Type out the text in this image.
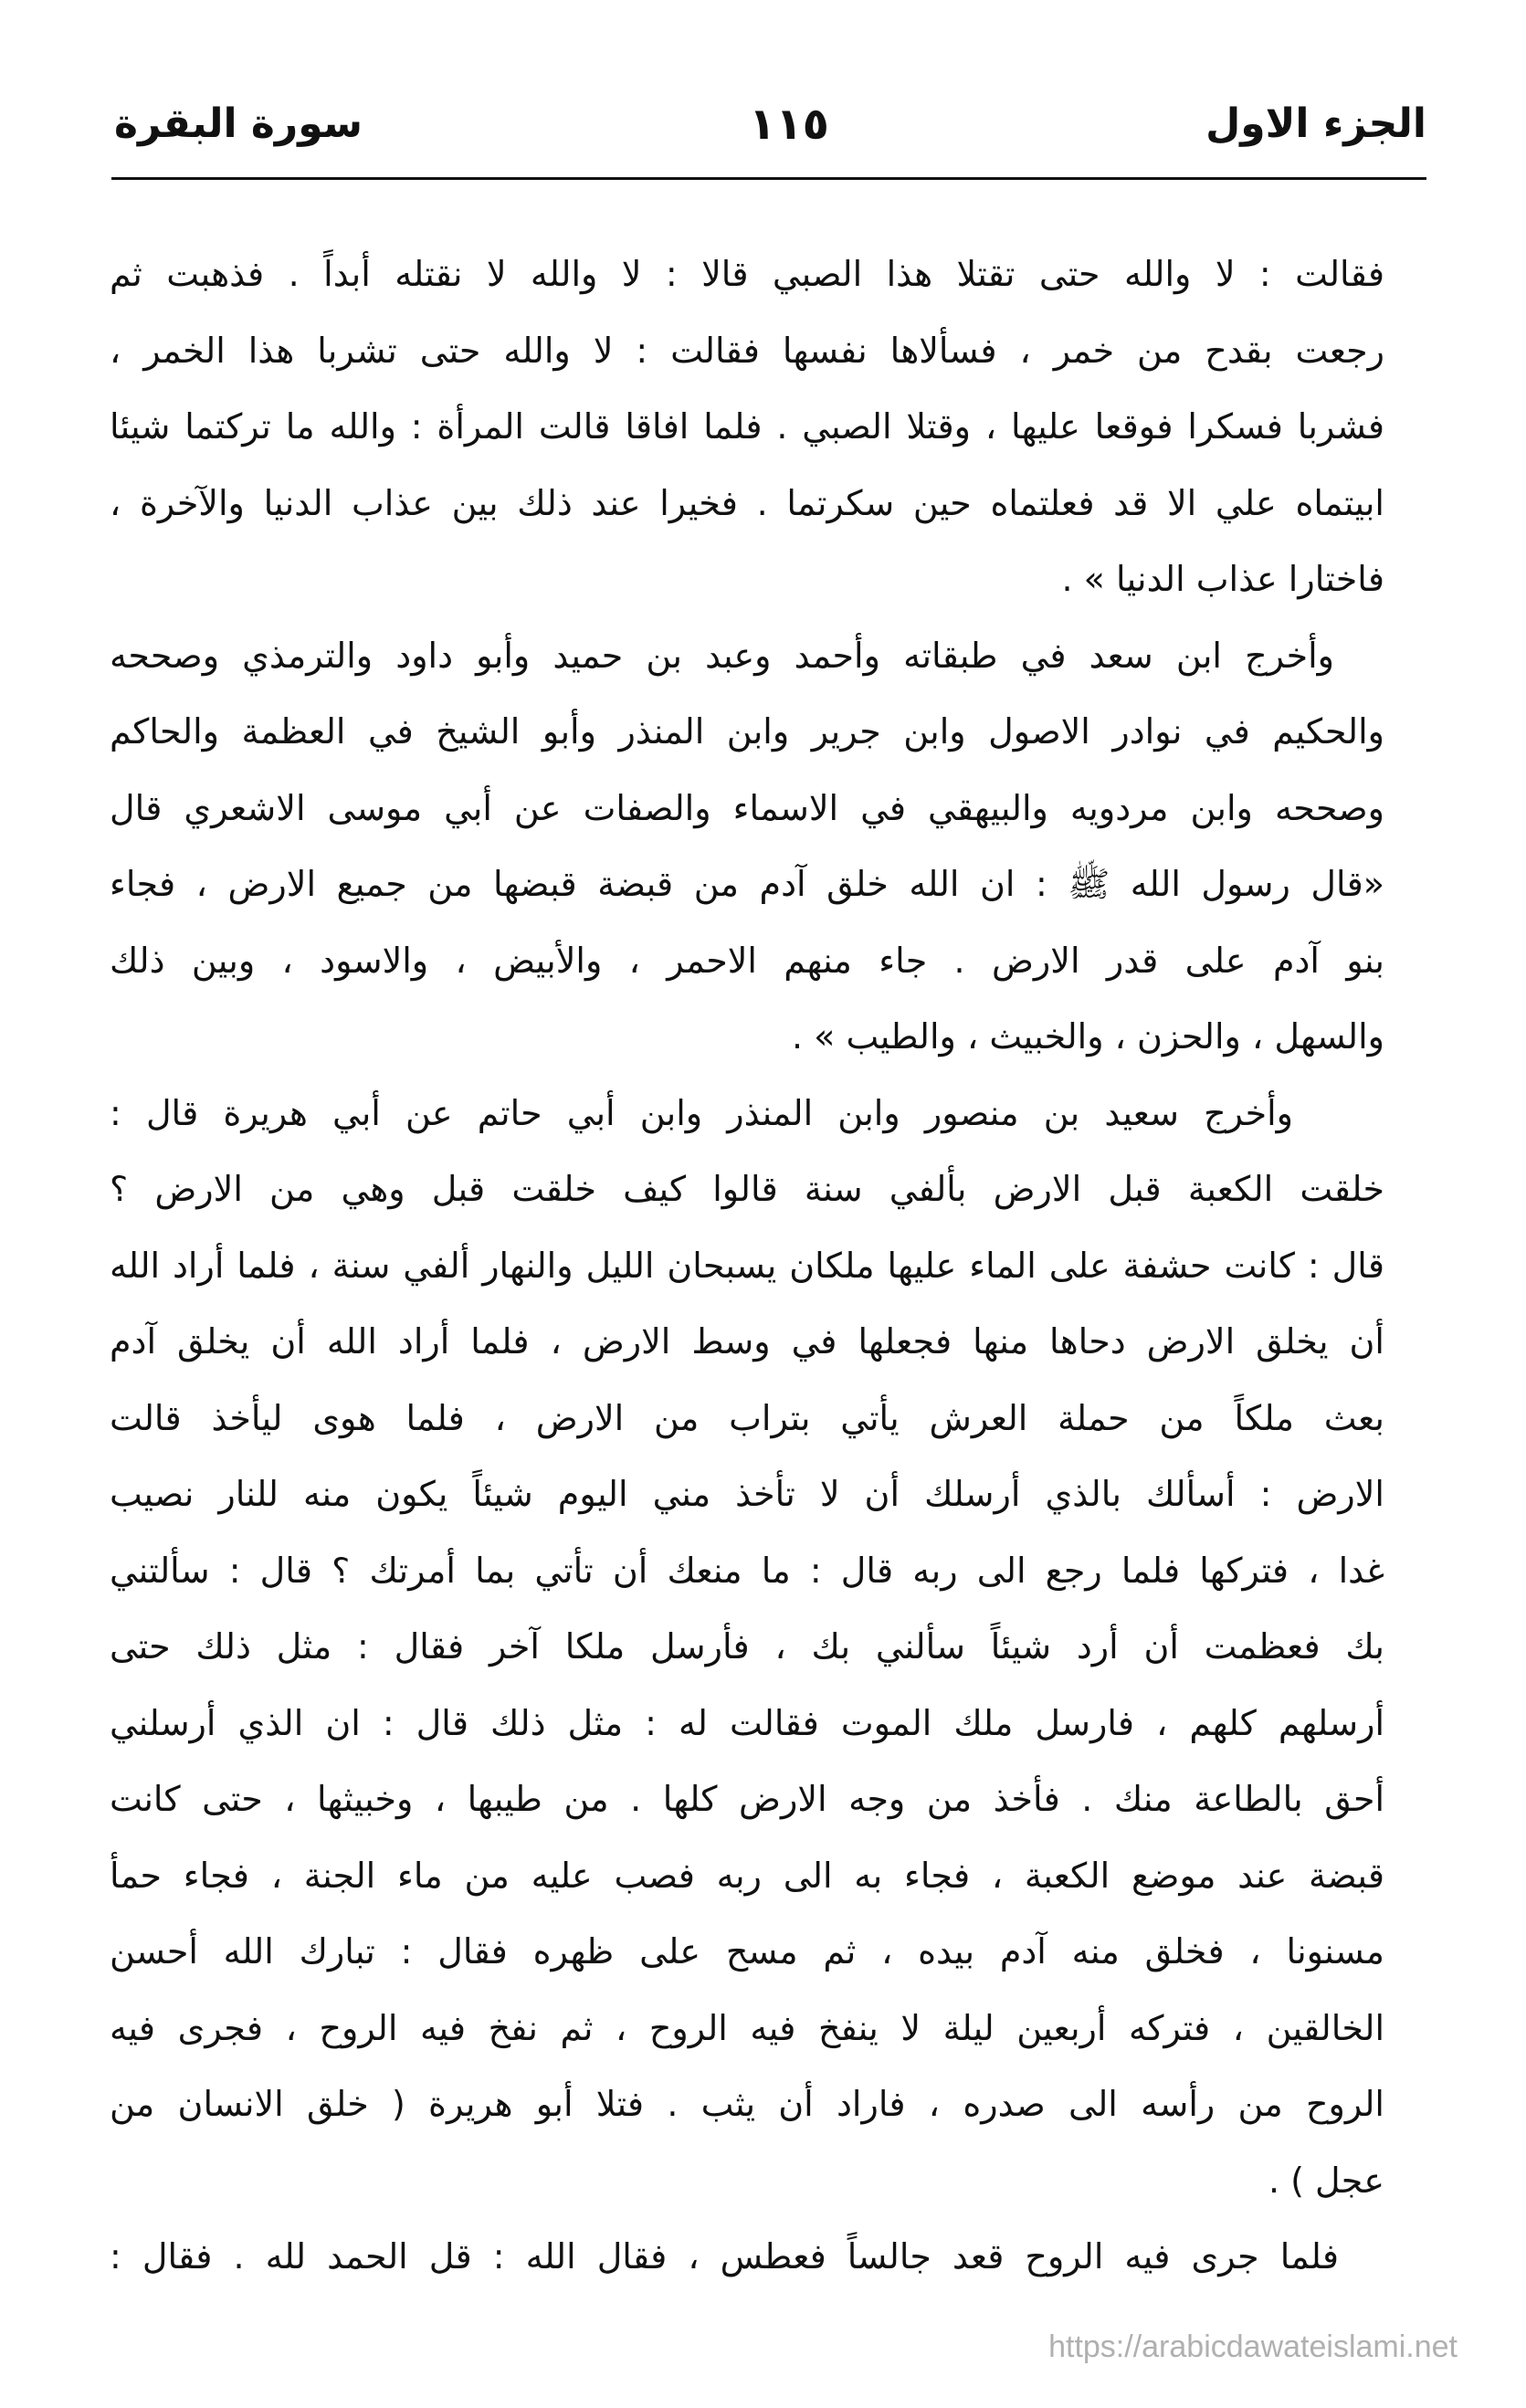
الجزء الاول
١١٥
سورة البقرة
فقالت : لا والله حتى تقتلا هذا الصبي قالا : لا والله لا نقتله أبداً . فذهبت ثم
رجعت بقدح من خمر ، فسألاها نفسها فقالت : لا والله حتى تشربا هذا الخمر ،
فشربا فسكرا فوقعا عليها ، وقتلا الصبي . فلما افاقا قالت المرأة : والله ما تركتما شيئا
ابيتماه علي الا قد فعلتماه حين سكرتما . فخيرا عند ذلك بين عذاب الدنيا والآخرة ،
فاختارا عذاب الدنيا » .
وأخرج ابن سعد في طبقاته وأحمد وعبد بن حميد وأبو داود والترمذي وصححه
والحكيم في نوادر الاصول وابن جرير وابن المنذر وأبو الشيخ في العظمة والحاكم
وصححه وابن مردويه والبيهقي في الاسماء والصفات عن أبي موسى الاشعري قال
«قال رسول الله ﷺ : ان الله خلق آدم من قبضة قبضها من جميع الارض ، فجاء
بنو آدم على قدر الارض . جاء منهم الاحمر ، والأبيض ، والاسود ، وبين ذلك
والسهل ، والحزن ، والخبيث ، والطيب » .
وأخرج سعيد بن منصور وابن المنذر وابن أبي حاتم عن أبي هريرة قال :
خلقت الكعبة قبل الارض بألفي سنة قالوا كيف خلقت قبل وهي من الارض ؟
قال : كانت حشفة على الماء عليها ملكان يسبحان الليل والنهار ألفي سنة ، فلما أراد الله
أن يخلق الارض دحاها منها فجعلها في وسط الارض ، فلما أراد الله أن يخلق آدم
بعث ملكاً من حملة العرش يأتي بتراب من الارض ، فلما هوى ليأخذ قالت
الارض : أسألك بالذي أرسلك أن لا تأخذ مني اليوم شيئاً يكون منه للنار نصيب
غدا ، فتركها فلما رجع الى ربه قال : ما منعك أن تأتي بما أمرتك ؟ قال : سألتني
بك فعظمت أن أرد شيئاً سألني بك ، فأرسل ملكا آخر فقال : مثل ذلك حتى
أرسلهم كلهم ، فارسل ملك الموت فقالت له : مثل ذلك قال : ان الذي أرسلني
أحق بالطاعة منك . فأخذ من وجه الارض كلها . من طيبها ، وخبيثها ، حتى كانت
قبضة عند موضع الكعبة ، فجاء به الى ربه فصب عليه من ماء الجنة ، فجاء حمأ
مسنونا ، فخلق منه آدم بيده ، ثم مسح على ظهره فقال : تبارك الله أحسن
الخالقين ، فتركه أربعين ليلة لا ينفخ فيه الروح ، ثم نفخ فيه الروح ، فجرى فيه
الروح من رأسه الى صدره ، فاراد أن يثب . فتلا أبو هريرة ( خلق الانسان من
عجل ) .
فلما جرى فيه الروح قعد جالساً فعطس ، فقال الله : قل الحمد لله . فقال :
https://arabicdawateislami.net
